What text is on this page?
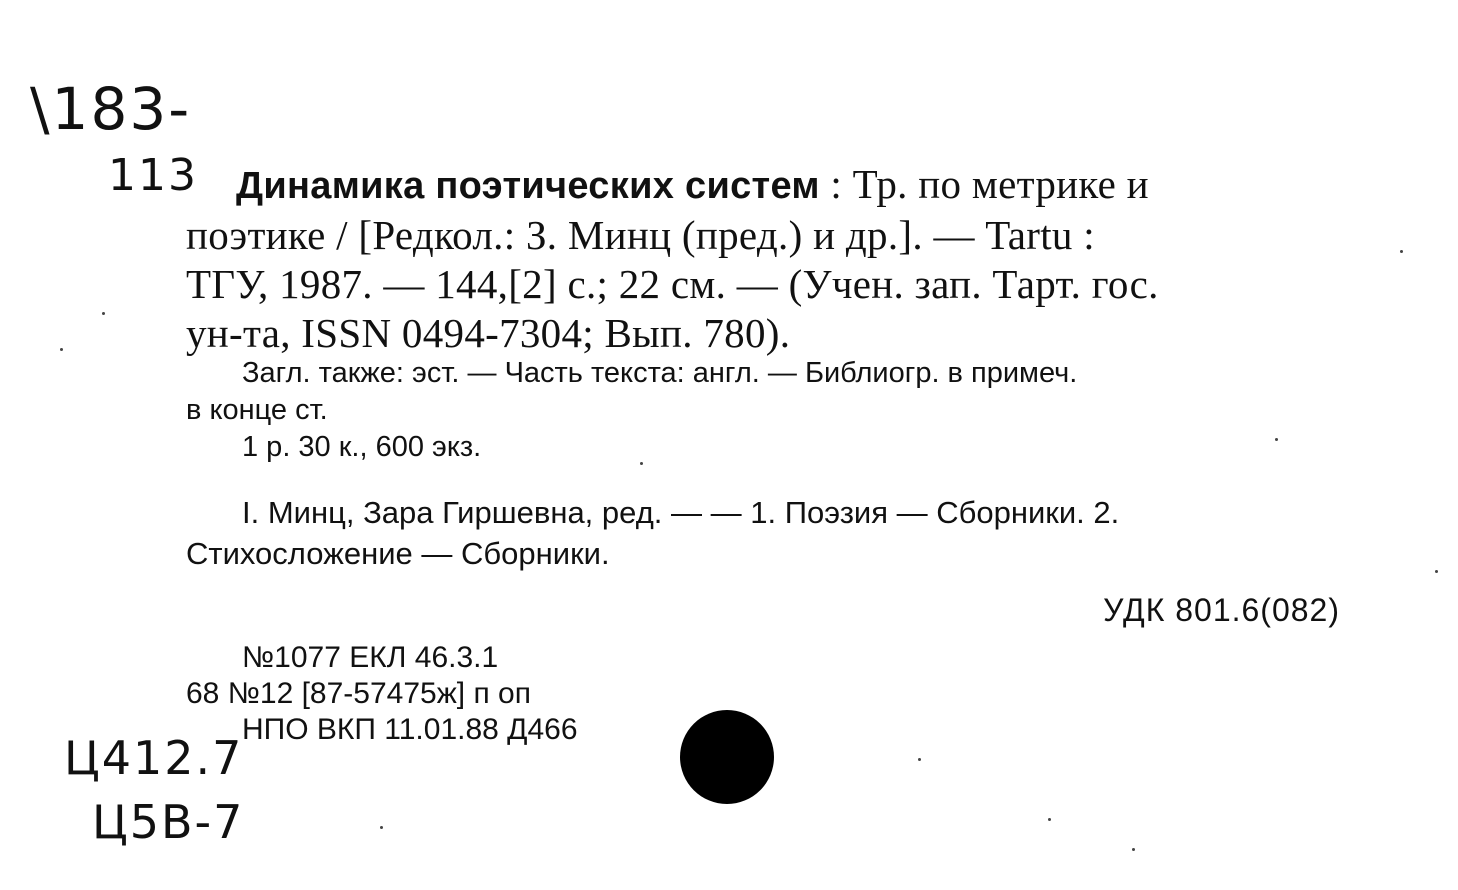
\183-
113	Динамика поэтических систем : Тр. по метрике и
поэтике / [Редкол.: З. Минц (пред.) и др.]. — Tartu :
ТГУ, 1987. — 144,[2] с.; 22 см. — (Учен. зап. Тарт. гос.
ун-та, ISSN 0494-7304; Вып. 780).
Загл. также: эст. — Часть текста: англ. — Библиогр. в примеч.
в конце ст.
1 р. 30 к., 600 экз.
I. Минц, Зара Гиршевна, ред. — — 1. Поэзия — Сборники. 2.
Стихосложение — Сборники.
УДК 801.6(082)
№1077 ЕКЛ 46.3.1
68 №12 [87-57475ж] п оп
НПО ВКП 11.01.88 Д466
Ц412.7
Ц5В-7
